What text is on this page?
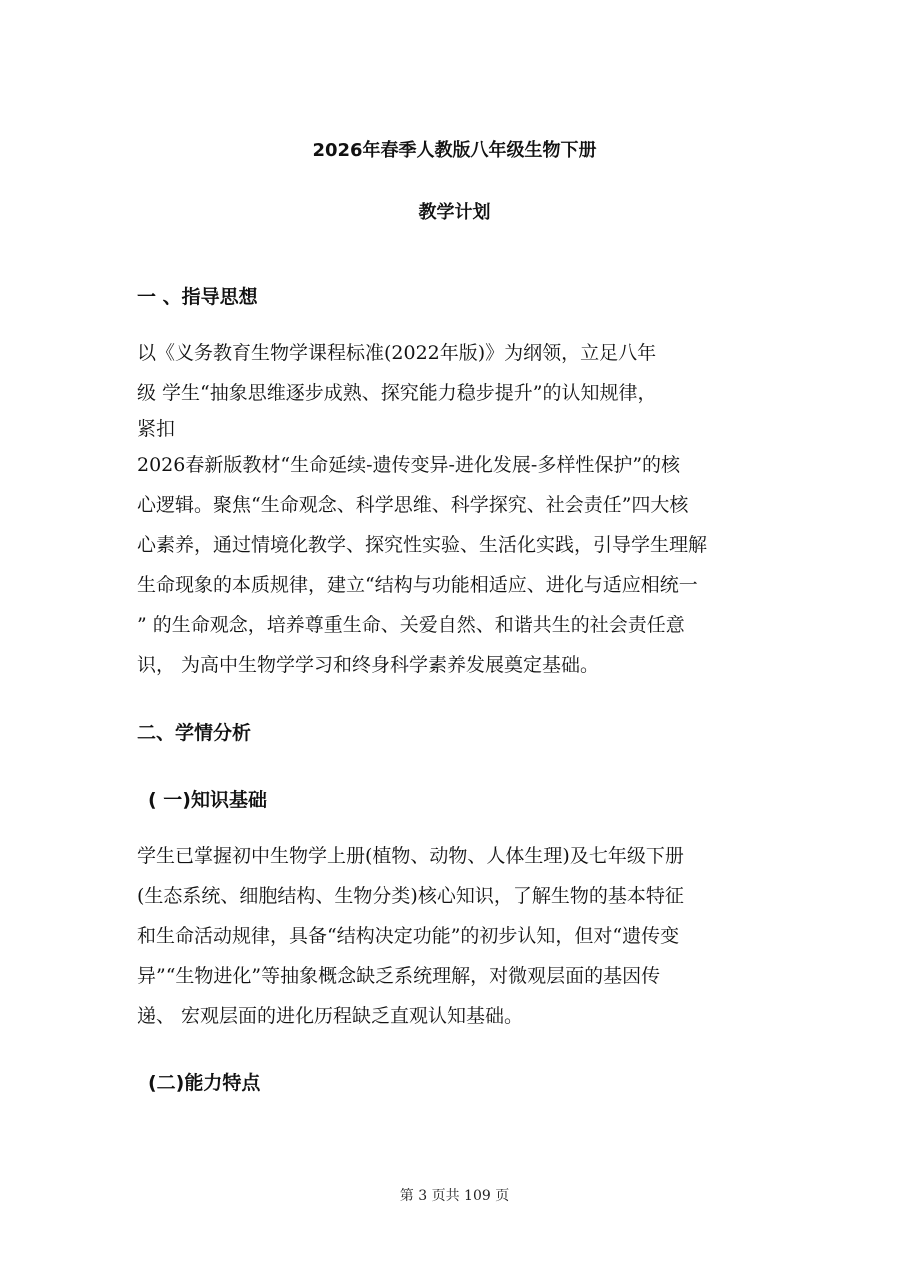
2026年春季人教版八年级生物下册
教学计划
一 、指导思想
以《义务教育生物学课程标准(2022年版)》为纲领，立足八年
级 学生“抽象思维逐步成熟、探究能力稳步提升”的认知规律，
紧扣
2026春新版教材“生命延续-遗传变异-进化发展-多样性保护”的核
心逻辑。聚焦“生命观念、科学思维、科学探究、社会责任”四大核
心素养，通过情境化教学、探究性实验、生活化实践，引导学生理解
生命现象的本质规律，建立“结构与功能相适应、进化与适应相统一
” 的生命观念，培养尊重生命、关爱自然、和谐共生的社会责任意
识， 为高中生物学学习和终身科学素养发展奠定基础。
二、学情分析
( 一)知识基础
学生已掌握初中生物学上册(植物、动物、人体生理)及七年级下册
(生态系统、细胞结构、生物分类)核心知识，了解生物的基本特征
和生命活动规律，具备“结构决定功能”的初步认知，但对“遗传变
异”“生物进化”等抽象概念缺乏系统理解，对微观层面的基因传
递、 宏观层面的进化历程缺乏直观认知基础。
(二)能力特点
第 3 页共 109 页
